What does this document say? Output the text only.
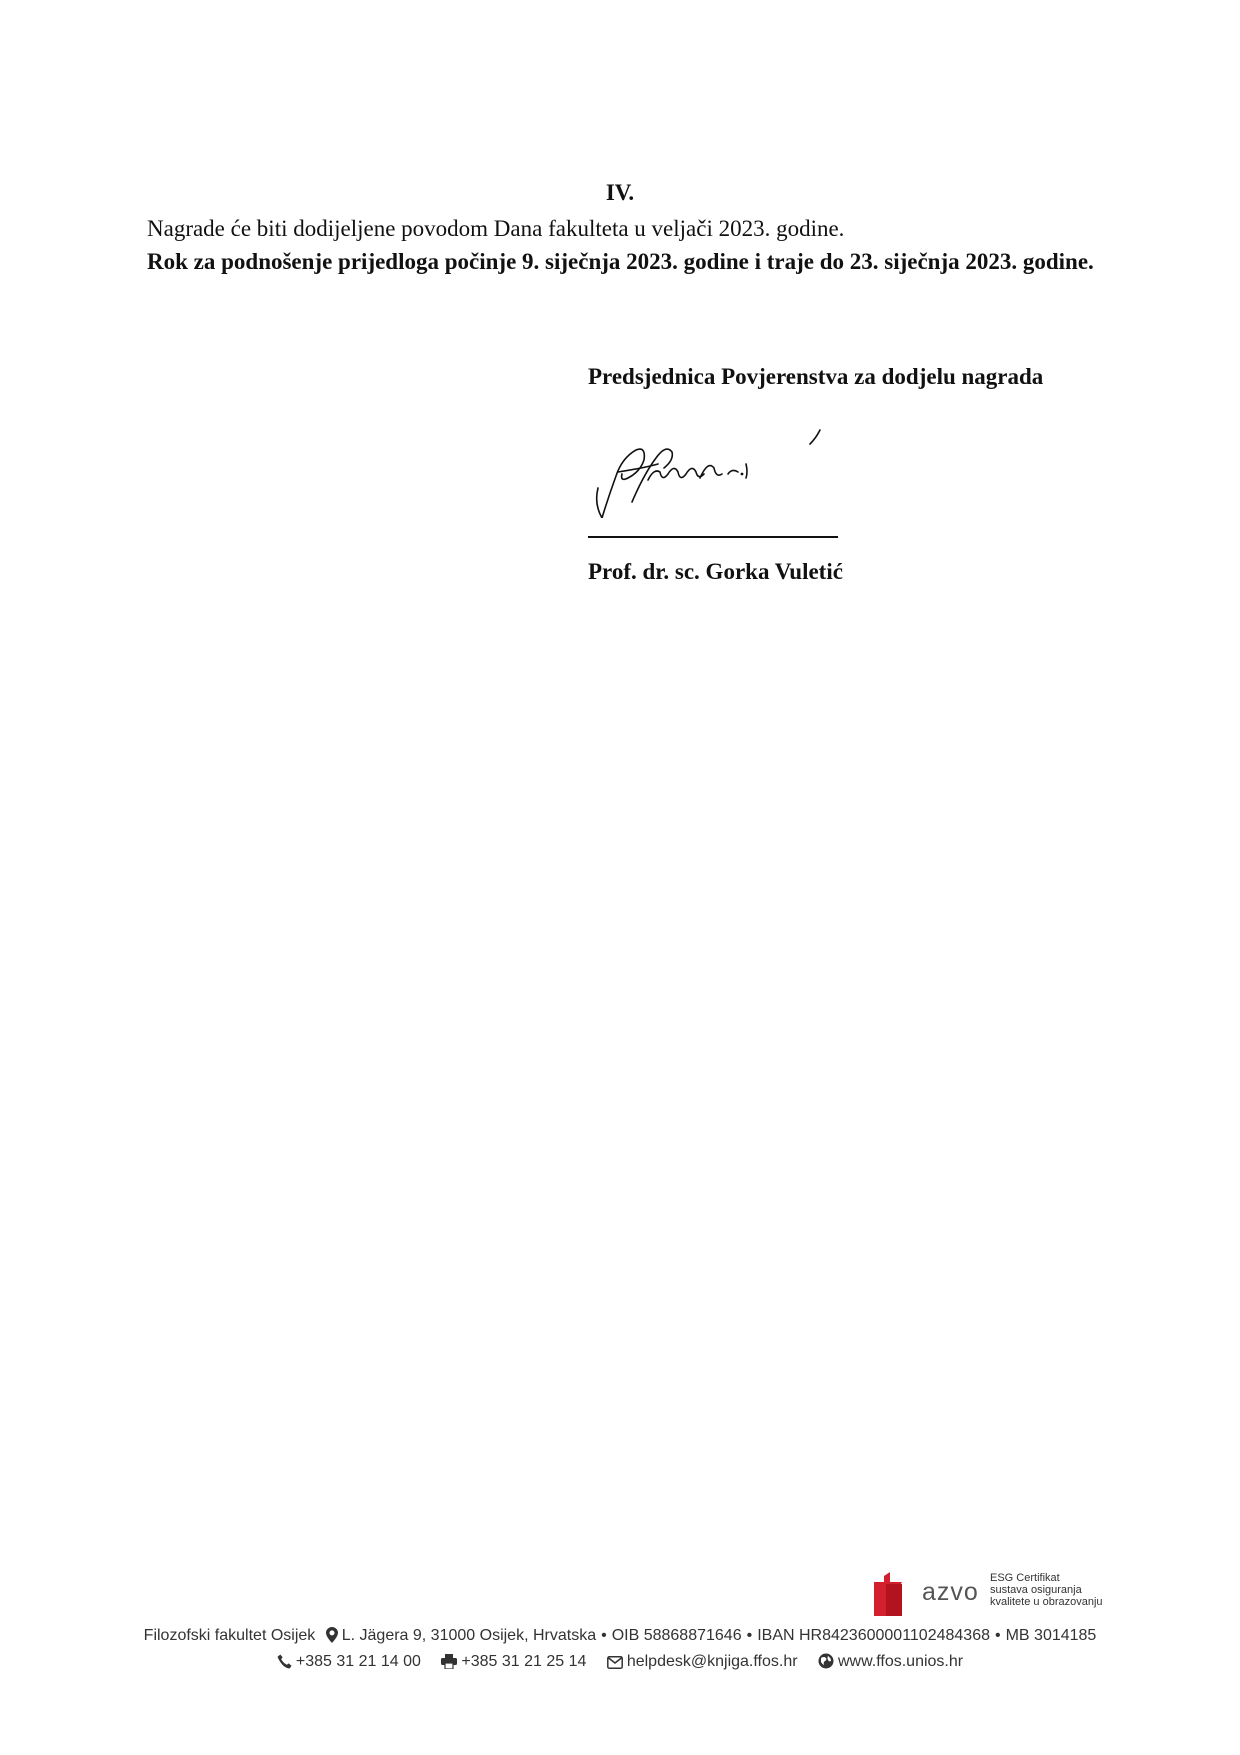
IV.
Nagrade će biti dodijeljene povodom Dana fakulteta u veljači 2023. godine.
Rok za podnošenje prijedloga počinje 9. siječnja 2023. godine i traje do 23. siječnja 2023. godine.
Predsjednica Povjerenstva za dodjelu nagrada
Prof. dr. sc. Gorka Vuletić
azvo ESG Certifikat
sustava osiguranja
kvalitete u obrazovanju
Filozofski fakultet Osijek L. Jägera 9, 31000 Osijek, Hrvatska • OIB 58868871646 • IBAN HR8423600001102484368 • MB 3014185
+385 31 21 14 00	+385 31 21 25 14	helpdesk@knjiga.ffos.hr	www.ffos.unios.hr
